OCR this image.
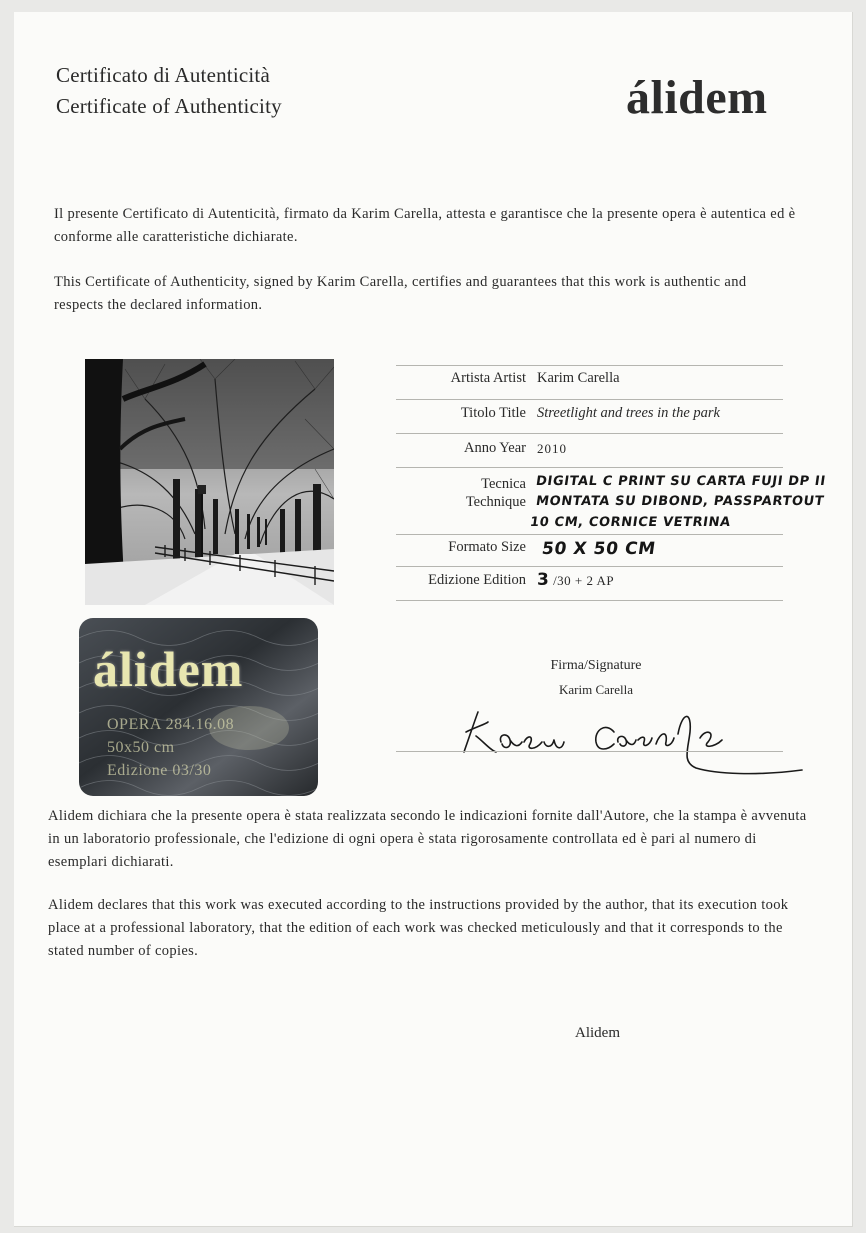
Certificato di Autenticità
Certificate of Authenticity	álidem
Il presente Certificato di Autenticità, firmato da Karim Carella, attesta e garantisce che la presente opera è autentica ed è conforme alle caratteristiche dichiarate.
This Certificate of Authenticity, signed by Karim Carella, certifies and guarantees that this work is authentic and respects the declared information.
álidem
OPERA 284.16.08
50x50 cm
Edizione 03/30
Artista Artist Karim Carella
Titolo Title Streetlight and trees in the park
Anno Year 2010
Tecnica
Technique
DIGITAL C PRINT SU CARTA FUJI DP II
MONTATA SU DIBOND, PASSPARTOUT
10 CM, CORNICE VETRINA
Formato Size 50 X 50 CM
Edizione Edition 3 /30 + 2 AP
Firma/Signature
Karim Carella
Alidem dichiara che la presente opera è stata realizzata secondo le indicazioni fornite dall'Autore, che la stampa è avvenuta in un laboratorio professionale, che l'edizione di ogni opera è stata rigorosamente controllata ed è pari al numero di esemplari dichiarati.
Alidem declares that this work was executed according to the instructions provided by the author, that its execution took place at a professional laboratory, that the edition of each work was checked meticulously and that it corresponds to the stated number of copies.
Alidem
